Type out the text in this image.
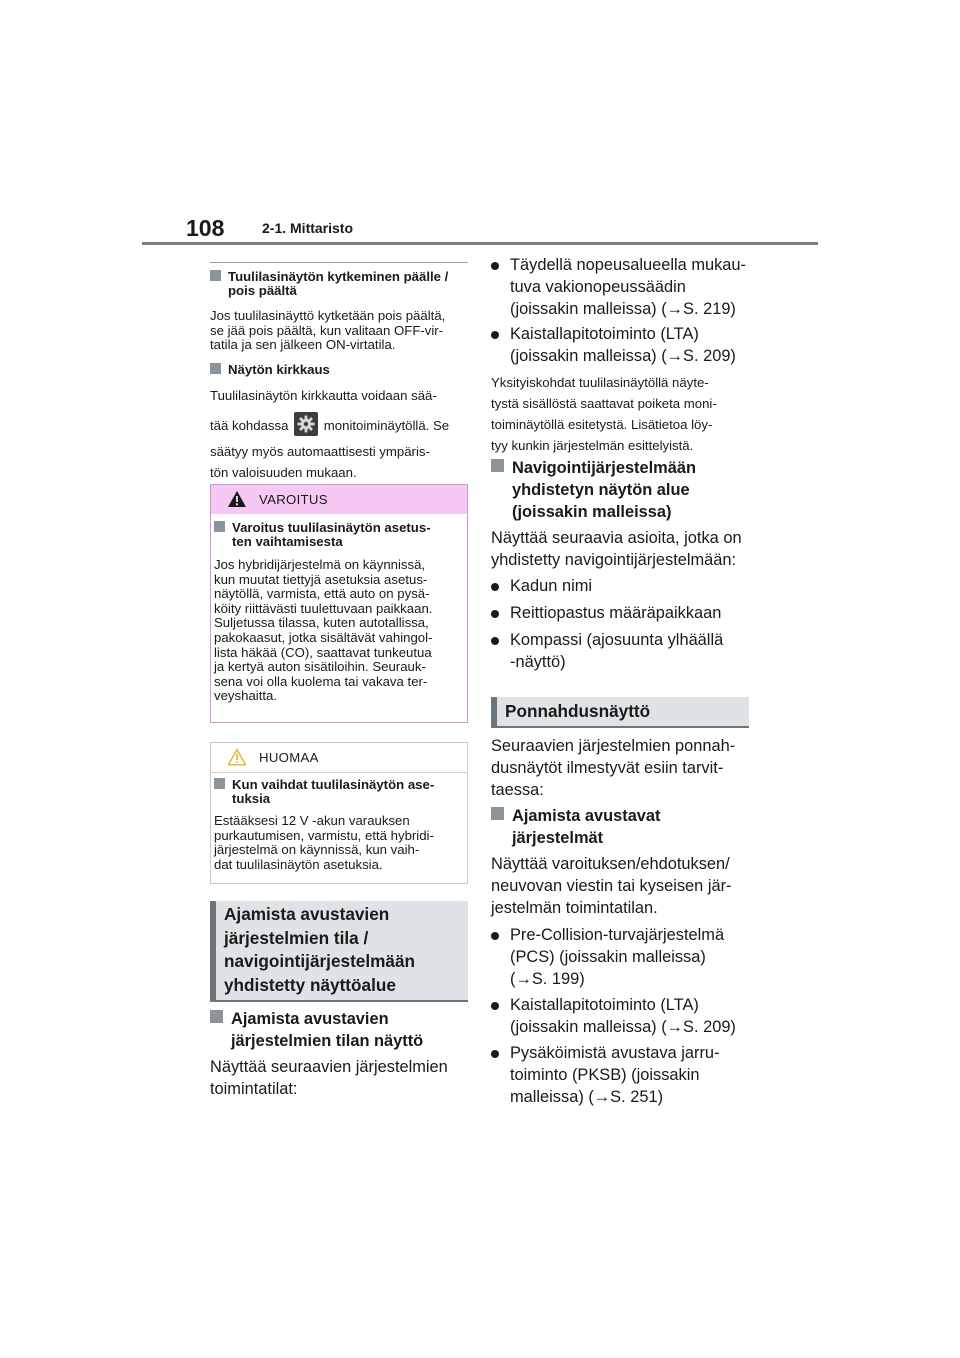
108	2-1. Mittaristo
Tuulilasinäytön kytkeminen päälle /
pois päältä
Jos tuulilasinäyttö kytketään pois päältä,
se jää pois päältä, kun valitaan OFF-vir-
tatila ja sen jälkeen ON-virtatila.
Näytön kirkkaus
Tuulilasinäytön kirkkautta voidaan sää-
tää kohdassa	monitoiminäytöllä. Se
säätyy myös automaattisesti ympäris-
tön valoisuuden mukaan.
VAROITUS
Varoitus tuulilasinäytön asetus-
ten vaihtamisesta
Jos hybridijärjestelmä on käynnissä,
kun muutat tiettyjä asetuksia asetus-
näytöllä, varmista, että auto on pysä-
köity riittävästi tuulettuvaan paikkaan.
Suljetussa tilassa, kuten autotallissa,
pakokaasut, jotka sisältävät vahingol-
lista häkää (CO), saattavat tunkeutua
ja kertyä auton sisätiloihin. Seurauk-
sena voi olla kuolema tai vakava ter-
veyshaitta.
HUOMAA
Kun vaihdat tuulilasinäytön ase-
tuksia
Estääksesi 12 V -akun varauksen
purkautumisen, varmistu, että hybridi-
järjestelmä on käynnissä, kun vaih-
dat tuulilasinäytön asetuksia.
Ajamista avustavien
järjestelmien tila /
navigointijärjestelmään
yhdistetty näyttöalue
Ajamista avustavien
järjestelmien tilan näyttö
Näyttää seuraavien järjestelmien
toimintatilat:
Täydellä nopeusalueella mukau-
tuva vakionopeussäädin
(joissakin malleissa) (→S. 219)
Kaistallapitotoiminto (LTA)
(joissakin malleissa) (→S. 209)
Yksityiskohdat tuulilasinäytöllä näyte-
tystä sisällöstä saattavat poiketa moni-
toiminäytöllä esitetystä. Lisätietoa löy-
tyy kunkin järjestelmän esittelyistä.
Navigointijärjestelmään
yhdistetyn näytön alue
(joissakin malleissa)
Näyttää seuraavia asioita, jotka on
yhdistetty navigointijärjestelmään:
Kadun nimi
Reittiopastus määräpaikkaan
Kompassi (ajosuunta ylhäällä
-näyttö)
Ponnahdusnäyttö
Seuraavien järjestelmien ponnah-
dusnäytöt ilmestyvät esiin tarvit-
taessa:
Ajamista avustavat
järjestelmät
Näyttää varoituksen/ehdotuksen/
neuvovan viestin tai kyseisen jär-
jestelmän toimintatilan.
Pre-Collision-turvajärjestelmä
(PCS) (joissakin malleissa)
(→S. 199)
Kaistallapitotoiminto (LTA)
(joissakin malleissa) (→S. 209)
Pysäköimistä avustava jarru-
toiminto (PKSB) (joissakin
malleissa) (→S. 251)
